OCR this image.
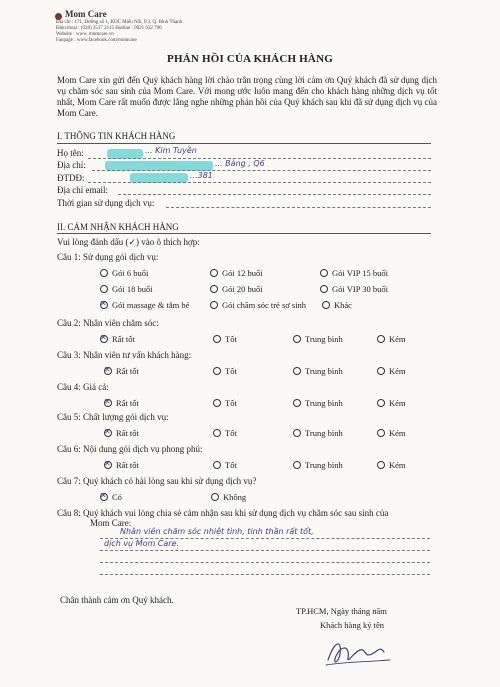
Mom Care
Địa chỉ : 171, Đường số 1, KDC Miếu Nổi, P.3, Q. Bình Thạnh
Điện thoại : (028) 3517 2115 Hotline : 0921 632 796
Website : www. momcare.vn
Fanpage : www.facebook.com/momcare
PHẢN HỒI CỦA KHÁCH HÀNG
Mom Care xin gửi đến Quý khách hàng lời chào trân trọng cùng lời cảm ơn Quý khách đã sử dụng dịch vụ chăm sóc sau sinh của Mom Care. Với mong ước luôn mang đến cho khách hàng những dịch vụ tốt nhất, Mom Care rất muốn được lắng nghe những phản hồi của Quý khách sau khi đã sử dụng dịch vụ của Mom Care.
I. THÔNG TIN KHÁCH HÀNG
Họ tên:	... Kim Tuyền
Địa chỉ:	... Bàng , Q6
ĐTDĐ:	...381
Địa chỉ email:
Thời gian sử dụng dịch vụ:
II. CẢM NHẬN KHÁCH HÀNG
Vui lòng đánh dấu (✓) vào ô thích hợp:
Câu 1: Sử dụng gói dịch vụ:
Gói 6 buổi	Gói 12 buổi	Gói VIP 15 buổi
Gói 18 buổi	Gói 20 buổi	Gói VIP 30 buổi
✕Gói massage & tắm bé	Gói chăm sóc trẻ sơ sinh	Khác
Câu 2: Nhân viên chăm sóc:
✕Rất tốt	Tốt	Trung bình	Kém
Câu 3: Nhân viên tư vấn khách hàng:
✕Rất tốt	Tốt	Trung bình	Kém
Câu 4: Giá cả:
✕Rất tốt	Tốt	Trung bình	Kém
Câu 5: Chất lượng gói dịch vụ:
✕Rất tốt	Tốt	Trung bình	Kém
Câu 6: Nội dung gói dịch vụ phong phú:
✕Rất tốt	Tốt	Trung bình	Kém
Câu 7: Quý khách có hài lòng sau khi sử dụng dịch vụ?
✕Có	Không
Câu 8: Quý khách vui lòng chia sẻ cảm nhận sau khi sử dụng dịch vụ chăm sóc sau sinh của
Mom Care:
Nhân viên chăm sóc nhiệt tình, tinh thần rất tốt,
dịch vụ Mom Care.
Chân thành cảm ơn Quý khách.
TP.HCM, Ngày tháng năm
Khách hàng ký tên
